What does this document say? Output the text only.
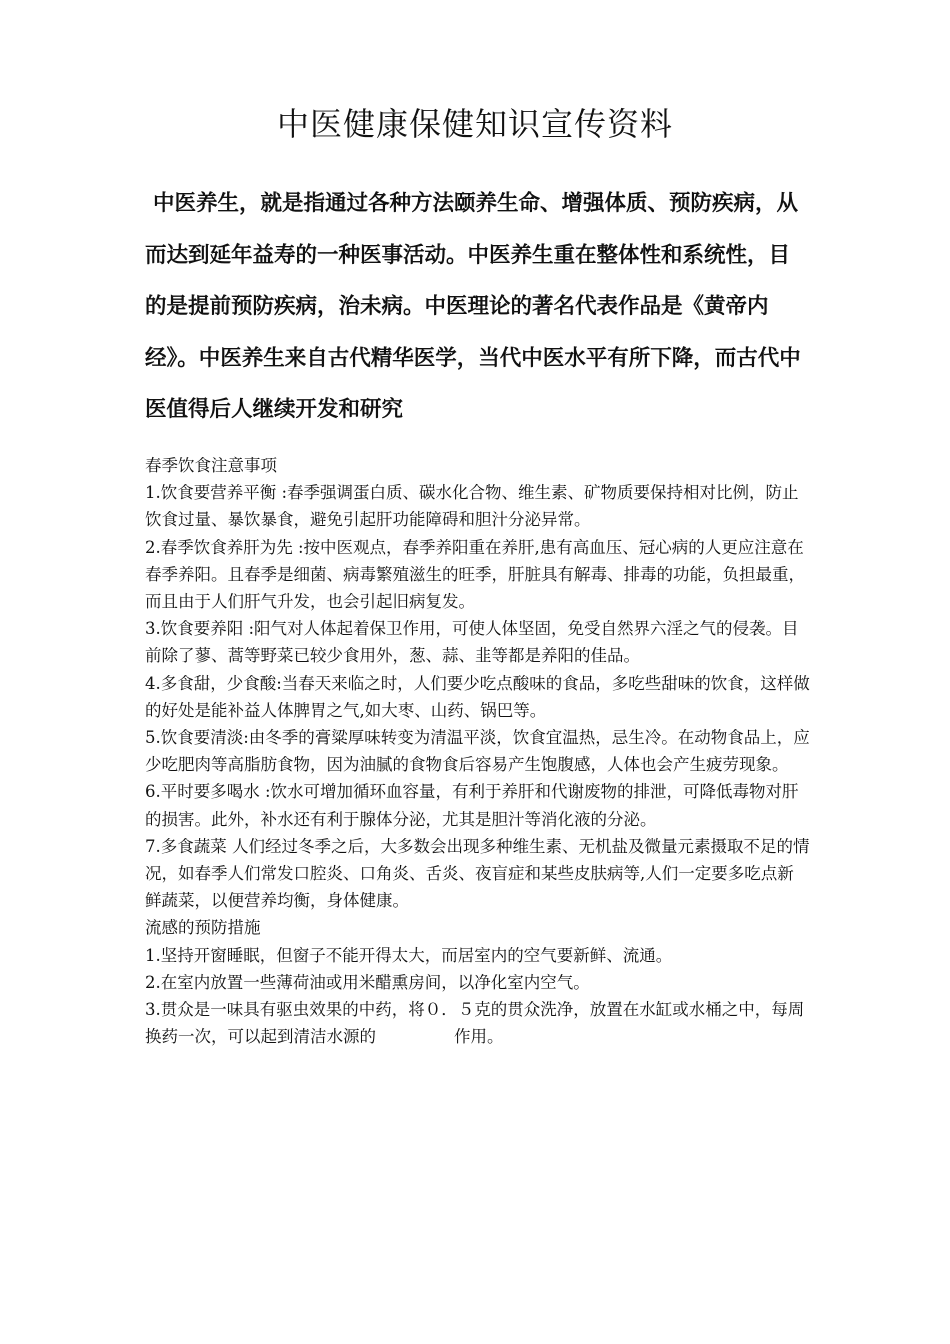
中医健康保健知识宣传资料

中医养生，就是指通过各种方法颐养生命、增强体质、预防疾病，从而达到延年益寿的一种医事活动。中医养生重在整体性和系统性，目的是提前预防疾病，治未病。中医理论的著名代表作品是《黄帝内经》。中医养生来自古代精华医学，当代中医水平有所下降，而古代中医值得后人继续开发和研究

春季饮食注意事项
1.饮食要营养平衡 :春季强调蛋白质、碳水化合物、维生素、矿物质要保持相对比例，防止饮食过量、暴饮暴食，避免引起肝功能障碍和胆汁分泌异常。
2.春季饮食养肝为先 :按中医观点，春季养阳重在养肝,患有高血压、冠心病的人更应注意在春季养阳。且春季是细菌、病毒繁殖滋生的旺季，肝脏具有解毒、排毒的功能，负担最重，而且由于人们肝气升发，也会引起旧病复发。
3.饮食要养阳 :阳气对人体起着保卫作用，可使人体坚固，免受自然界六淫之气的侵袭。目前除了蓼、蒿等野菜已较少食用外，葱、蒜、韭等都是养阳的佳品。
4.多食甜，少食酸:当春天来临之时，人们要少吃点酸味的食品，多吃些甜味的饮食，这样做的好处是能补益人体脾胃之气,如大枣、山药、锅巴等。
5.饮食要清淡:由冬季的膏粱厚味转变为清温平淡，饮食宜温热，忌生冷。在动物食品上，应少吃肥肉等高脂肪食物，因为油腻的食物食后容易产生饱腹感，人体也会产生疲劳现象。
6.平时要多喝水 :饮水可增加循环血容量，有利于养肝和代谢废物的排泄，可降低毒物对肝的损害。此外，补水还有利于腺体分泌，尤其是胆汁等消化液的分泌。
7.多食蔬菜 人们经过冬季之后，大多数会出现多种维生素、无机盐及微量元素摄取不足的情况，如春季人们常发口腔炎、口角炎、舌炎、夜盲症和某些皮肤病等,人们一定要多吃点新鲜蔬菜，以便营养均衡，身体健康。
流感的预防措施
1.坚持开窗睡眠，但窗子不能开得太大，而居室内的空气要新鲜、流通。
2.在室内放置一些薄荷油或用米醋熏房间，以净化室内空气。
3.贯众是一味具有驱虫效果的中药，将０．５克的贯众洗净，放置在水缸或水桶之中，每周换药一次，可以起到清洁水源的	作用。
